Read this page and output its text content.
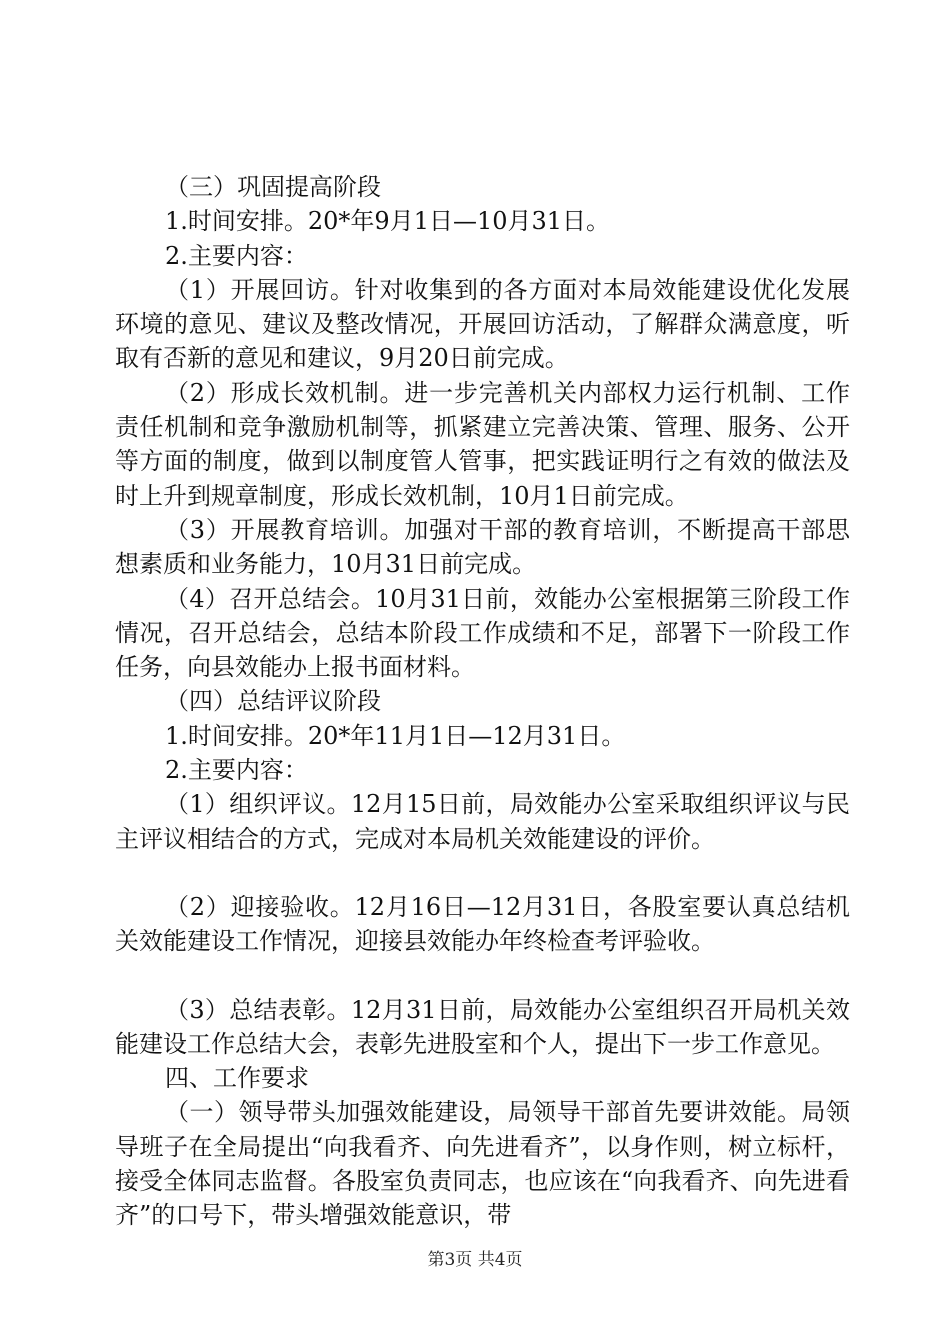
（三）巩固提高阶段

1.时间安排。20*年9月1日—10月31日。

2.主要内容：

（1）开展回访。针对收集到的各方面对本局效能建设优化发展环境的意见、建议及整改情况，开展回访活动，了解群众满意度，听取有否新的意见和建议，9月20日前完成。

（2）形成长效机制。进一步完善机关内部权力运行机制、工作责任机制和竞争激励机制等，抓紧建立完善决策、管理、服务、公开等方面的制度，做到以制度管人管事，把实践证明行之有效的做法及时上升到规章制度，形成长效机制，10月1日前完成。

（3）开展教育培训。加强对干部的教育培训，不断提高干部思想素质和业务能力，10月31日前完成。

（4）召开总结会。10月31日前，效能办公室根据第三阶段工作情况，召开总结会，总结本阶段工作成绩和不足，部署下一阶段工作任务，向县效能办上报书面材料。

（四）总结评议阶段

1.时间安排。20*年11月1日—12月31日。

2.主要内容：

（1）组织评议。12月15日前，局效能办公室采取组织评议与民主评议相结合的方式，完成对本局机关效能建设的评价。

（2）迎接验收。12月16日—12月31日，各股室要认真总结机关效能建设工作情况，迎接县效能办年终检查考评验收。

（3）总结表彰。12月31日前，局效能办公室组织召开局机关效能建设工作总结大会，表彰先进股室和个人，提出下一步工作意见。

四、工作要求

（一）领导带头加强效能建设，局领导干部首先要讲效能。局领导班子在全局提出“向我看齐、向先进看齐”，以身作则，树立标杆，接受全体同志监督。各股室负责同志，也应该在“向我看齐、向先进看齐”的口号下，带头增强效能意识，带

第3页 共4页
